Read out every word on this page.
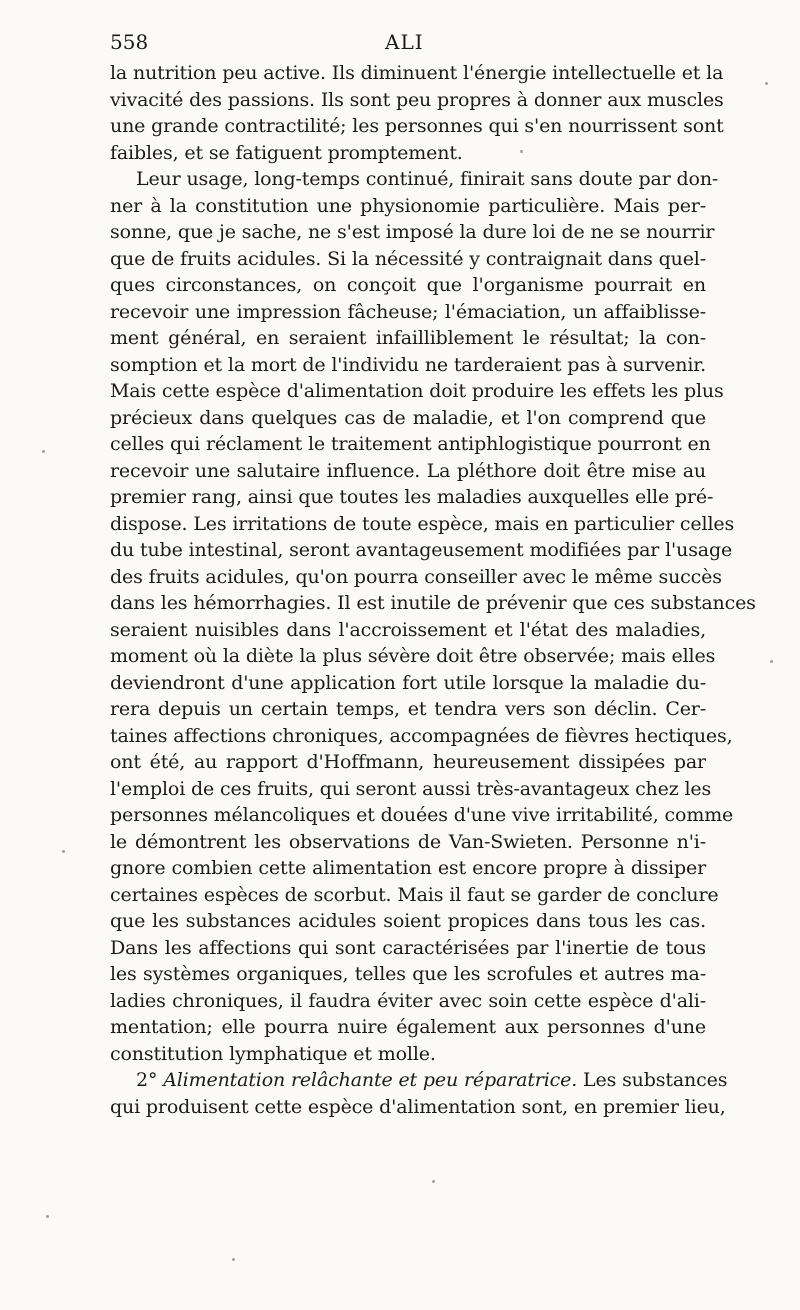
558	ALI
la nutrition peu active. Ils diminuent l'énergie intellectuelle et la
vivacité des passions. Ils sont peu propres à donner aux muscles
une grande contractilité; les personnes qui s'en nourrissent sont
faibles, et se fatiguent promptement.
Leur usage, long-temps continué, finirait sans doute par don-
ner à la constitution une physionomie particulière. Mais per-
sonne, que je sache, ne s'est imposé la dure loi de ne se nourrir
que de fruits acidules. Si la nécessité y contraignait dans quel-
ques circonstances, on conçoit que l'organisme pourrait en
recevoir une impression fâcheuse; l'émaciation, un affaiblisse-
ment général, en seraient infailliblement le résultat; la con-
somption et la mort de l'individu ne tarderaient pas à survenir.
Mais cette espèce d'alimentation doit produire les effets les plus
précieux dans quelques cas de maladie, et l'on comprend que
celles qui réclament le traitement antiphlogistique pourront en
recevoir une salutaire influence. La pléthore doit être mise au
premier rang, ainsi que toutes les maladies auxquelles elle pré-
dispose. Les irritations de toute espèce, mais en particulier celles
du tube intestinal, seront avantageusement modifiées par l'usage
des fruits acidules, qu'on pourra conseiller avec le même succès
dans les hémorrhagies. Il est inutile de prévenir que ces substances
seraient nuisibles dans l'accroissement et l'état des maladies,
moment où la diète la plus sévère doit être observée; mais elles
deviendront d'une application fort utile lorsque la maladie du-
rera depuis un certain temps, et tendra vers son déclin. Cer-
taines affections chroniques, accompagnées de fièvres hectiques,
ont été, au rapport d'Hoffmann, heureusement dissipées par
l'emploi de ces fruits, qui seront aussi très-avantageux chez les
personnes mélancoliques et douées d'une vive irritabilité, comme
le démontrent les observations de Van-Swieten. Personne n'i-
gnore combien cette alimentation est encore propre à dissiper
certaines espèces de scorbut. Mais il faut se garder de conclure
que les substances acidules soient propices dans tous les cas.
Dans les affections qui sont caractérisées par l'inertie de tous
les systèmes organiques, telles que les scrofules et autres ma-
ladies chroniques, il faudra éviter avec soin cette espèce d'ali-
mentation; elle pourra nuire également aux personnes d'une
constitution lymphatique et molle.
2° Alimentation relâchante et peu réparatrice. Les substances
qui produisent cette espèce d'alimentation sont, en premier lieu,
